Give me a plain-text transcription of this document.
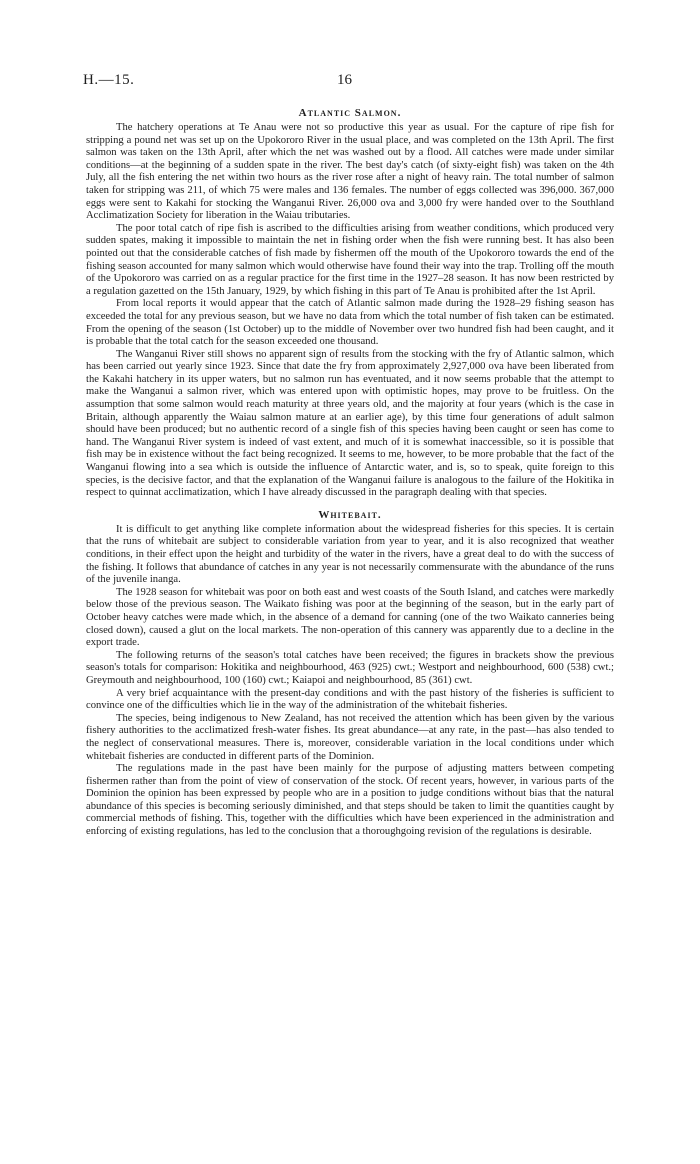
H.—15.	16
Atlantic Salmon.

The hatchery operations at Te Anau were not so productive this year as usual. For the capture of ripe fish for stripping a pound net was set up on the Upokororo River in the usual place, and was completed on the 13th April. The first salmon was taken on the 13th April, after which the net was washed out by a flood. All catches were made under similar conditions—at the beginning of a sudden spate in the river. The best day's catch (of sixty-eight fish) was taken on the 4th July, all the fish entering the net within two hours as the river rose after a night of heavy rain. The total number of salmon taken for stripping was 211, of which 75 were males and 136 females. The number of eggs collected was 396,000. 367,000 eggs were sent to Kakahi for stocking the Wanganui River. 26,000 ova and 3,000 fry were handed over to the Southland Acclimatization Society for liberation in the Waiau tributaries.

The poor total catch of ripe fish is ascribed to the difficulties arising from weather conditions, which produced very sudden spates, making it impossible to maintain the net in fishing order when the fish were running best. It has also been pointed out that the considerable catches of fish made by fishermen off the mouth of the Upokororo towards the end of the fishing season accounted for many salmon which would otherwise have found their way into the trap. Trolling off the mouth of the Upokororo was carried on as a regular practice for the first time in the 1927–28 season. It has now been restricted by a regulation gazetted on the 15th January, 1929, by which fishing in this part of Te Anau is prohibited after the 1st April.

From local reports it would appear that the catch of Atlantic salmon made during the 1928–29 fishing season has exceeded the total for any previous season, but we have no data from which the total number of fish taken can be estimated. From the opening of the season (1st October) up to the middle of November over two hundred fish had been caught, and it is probable that the total catch for the season exceeded one thousand.

The Wanganui River still shows no apparent sign of results from the stocking with the fry of Atlantic salmon, which has been carried out yearly since 1923. Since that date the fry from approximately 2,927,000 ova have been liberated from the Kakahi hatchery in its upper waters, but no salmon run has eventuated, and it now seems probable that the attempt to make the Wanganui a salmon river, which was entered upon with optimistic hopes, may prove to be fruitless. On the assumption that some salmon would reach maturity at three years old, and the majority at four years (which is the case in Britain, although apparently the Waiau salmon mature at an earlier age), by this time four generations of adult salmon should have been produced; but no authentic record of a single fish of this species having been caught or seen has come to hand. The Wanganui River system is indeed of vast extent, and much of it is somewhat inaccessible, so it is possible that fish may be in existence without the fact being recognized. It seems to me, however, to be more probable that the fact of the Wanganui flowing into a sea which is outside the influence of Antarctic water, and is, so to speak, quite foreign to this species, is the decisive factor, and that the explanation of the Wanganui failure is analogous to the failure of the Hokitika in respect to quinnat acclimatization, which I have already discussed in the paragraph dealing with that species.

Whitebait.

It is difficult to get anything like complete information about the widespread fisheries for this species. It is certain that the runs of whitebait are subject to considerable variation from year to year, and it is also recognized that weather conditions, in their effect upon the height and turbidity of the water in the rivers, have a great deal to do with the success of the fishing. It follows that abundance of catches in any year is not necessarily commensurate with the abundance of the runs of the juvenile inanga.

The 1928 season for whitebait was poor on both east and west coasts of the South Island, and catches were markedly below those of the previous season. The Waikato fishing was poor at the beginning of the season, but in the early part of October heavy catches were made which, in the absence of a demand for canning (one of the two Waikato canneries being closed down), caused a glut on the local markets. The non-operation of this cannery was apparently due to a decline in the export trade.

The following returns of the season's total catches have been received; the figures in brackets show the previous season's totals for comparison: Hokitika and neighbourhood, 463 (925) cwt.; Westport and neighbourhood, 600 (538) cwt.; Greymouth and neighbourhood, 100 (160) cwt.; Kaiapoi and neighbourhood, 85 (361) cwt.

A very brief acquaintance with the present-day conditions and with the past history of the fisheries is sufficient to convince one of the difficulties which lie in the way of the administration of the whitebait fisheries.

The species, being indigenous to New Zealand, has not received the attention which has been given by the various fishery authorities to the acclimatized fresh-water fishes. Its great abundance—at any rate, in the past—has also tended to the neglect of conservational measures. There is, moreover, considerable variation in the local conditions under which whitebait fisheries are conducted in different parts of the Dominion.

The regulations made in the past have been mainly for the purpose of adjusting matters between competing fishermen rather than from the point of view of conservation of the stock. Of recent years, however, in various parts of the Dominion the opinion has been expressed by people who are in a position to judge conditions without bias that the natural abundance of this species is becoming seriously diminished, and that steps should be taken to limit the quantities caught by commercial methods of fishing. This, together with the difficulties which have been experienced in the administration and enforcing of existing regulations, has led to the conclusion that a thoroughgoing revision of the regulations is desirable.
